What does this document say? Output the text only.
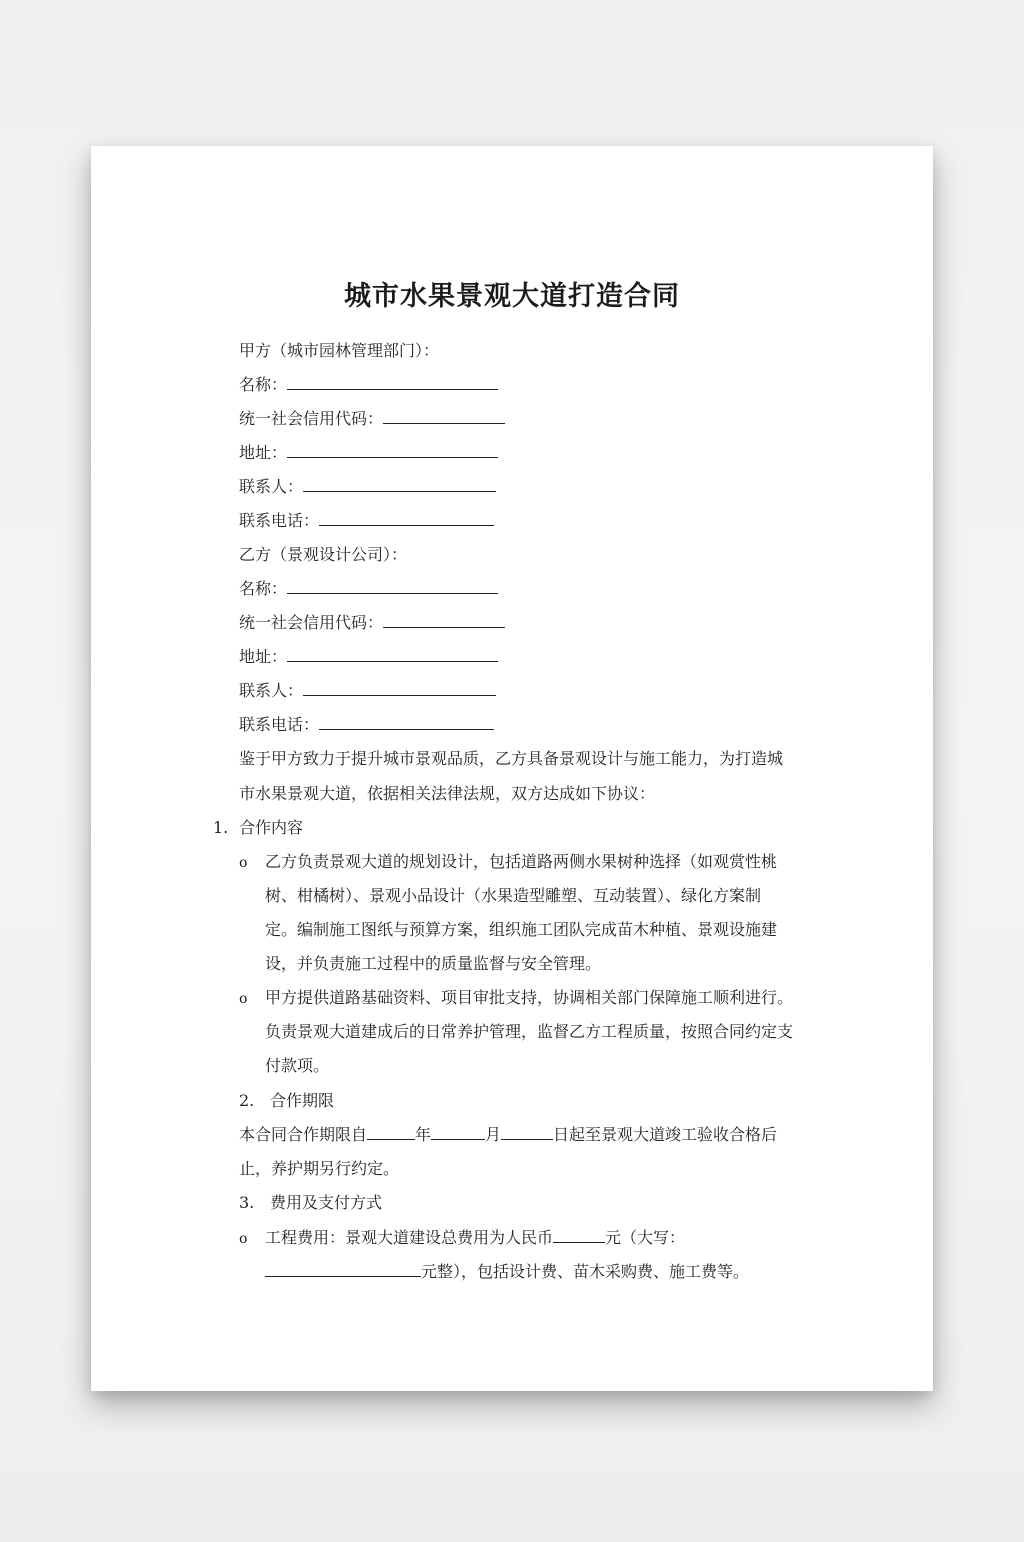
城市水果景观大道打造合同
甲方（城市园林管理部门）：
名称：
统一社会信用代码：
地址：
联系人：
联系电话：
乙方（景观设计公司）：
名称：
统一社会信用代码：
地址：
联系人：
联系电话：
鉴于甲方致力于提升城市景观品质，乙方具备景观设计与施工能力，为打造城
市水果景观大道，依据相关法律法规，双方达成如下协议：
1. 合作内容
o 乙方负责景观大道的规划设计，包括道路两侧水果树种选择（如观赏性桃
树、柑橘树）、景观小品设计（水果造型雕塑、互动装置）、绿化方案制
定。编制施工图纸与预算方案，组织施工团队完成苗木种植、景观设施建
设，并负责施工过程中的质量监督与安全管理。
o 甲方提供道路基础资料、项目审批支持，协调相关部门保障施工顺利进行。
负责景观大道建成后的日常养护管理，监督乙方工程质量，按照合同约定支
付款项。
2. 合作期限
本合同合作期限自	年	月	日起至景观大道竣工验收合格后
止，养护期另行约定。
3. 费用及支付方式
o 工程费用：景观大道建设总费用为人民币	元（大写：
元整），包括设计费、苗木采购费、施工费等。
